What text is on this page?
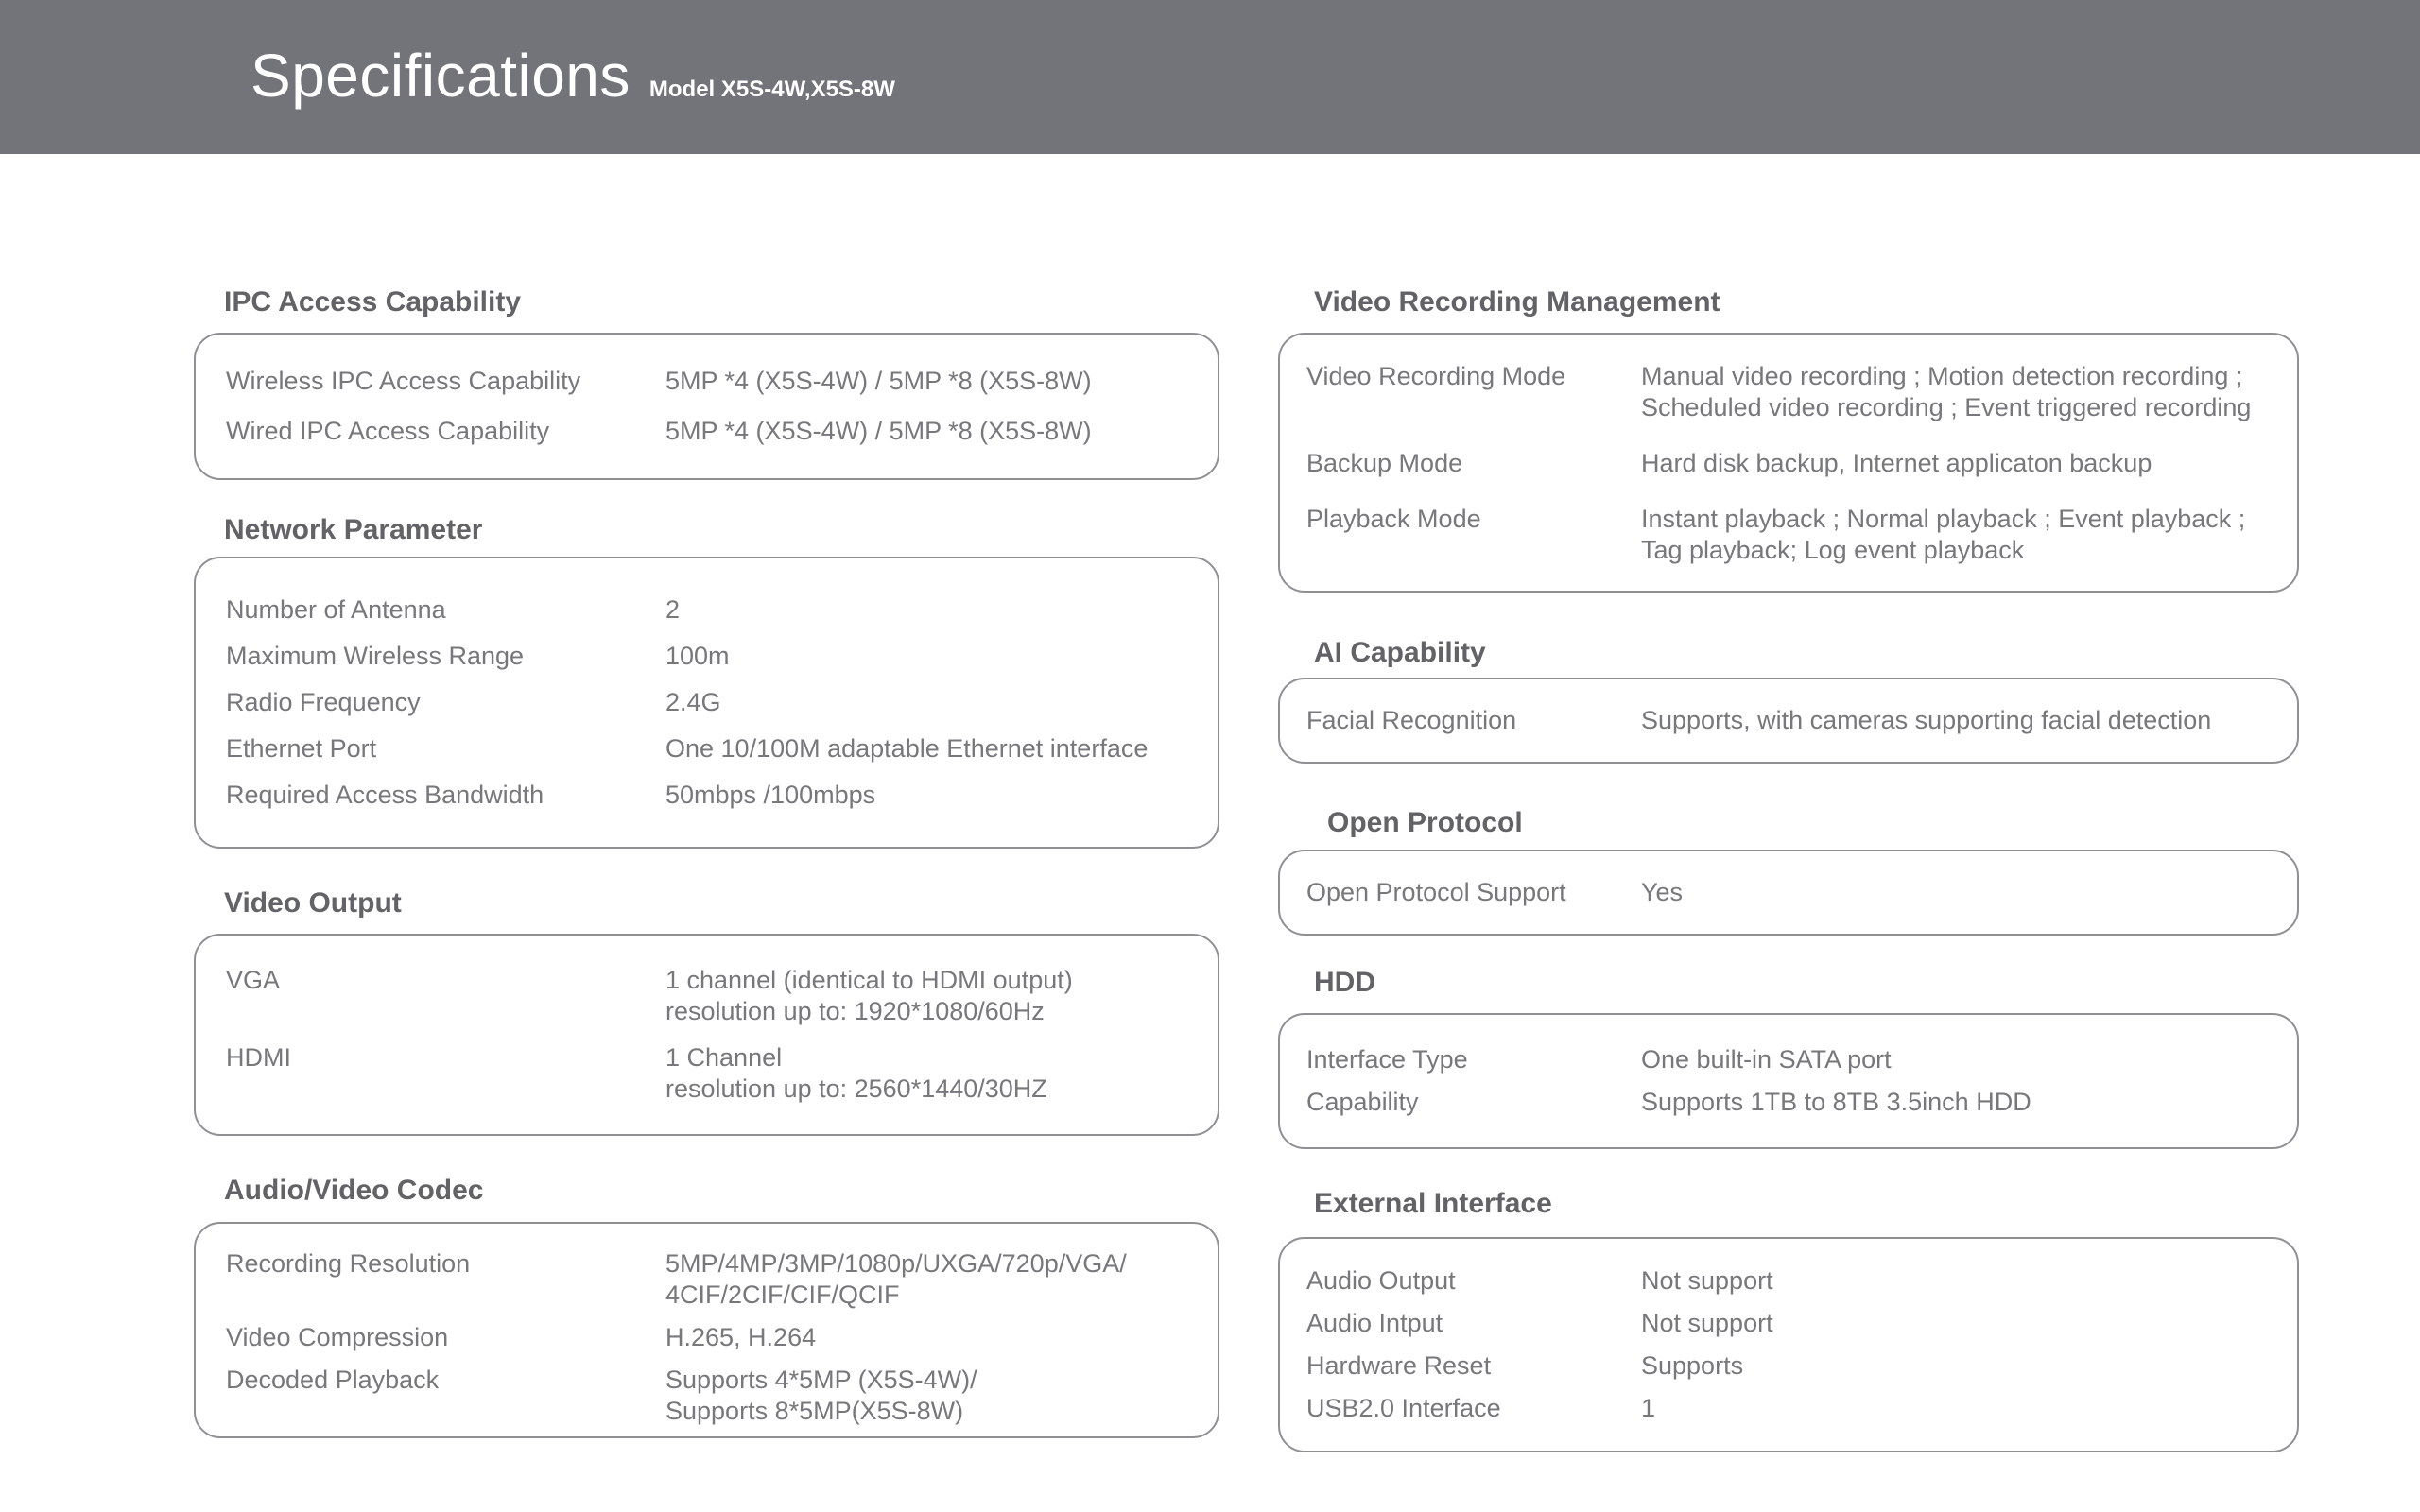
Specifications Model X5S-4W,X5S-8W
IPC Access Capability
Wireless IPC Access Capability	5MP *4 (X5S-4W) / 5MP *8 (X5S-8W)
Wired IPC Access Capability	5MP *4 (X5S-4W) / 5MP *8 (X5S-8W)
Network Parameter
Number of Antenna	2
Maximum Wireless Range	100m
Radio Frequency	2.4G
Ethernet Port	One 10/100M adaptable Ethernet interface
Required Access Bandwidth	50mbps /100mbps
Video Output
VGA	1 channel (identical to HDMI output)
resolution up to: 1920*1080/60Hz
HDMI	1 Channel
resolution up to: 2560*1440/30HZ
Audio/Video Codec
Recording Resolution	5MP/4MP/3MP/1080p/UXGA/720p/VGA/
4CIF/2CIF/CIF/QCIF
Video Compression	H.265, H.264
Decoded Playback	Supports 4*5MP (X5S-4W)/
Supports 8*5MP(X5S-8W)
Video Recording Management
Video Recording Mode	Manual video recording ; Motion detection recording ;
Scheduled video recording ; Event triggered recording
Backup Mode	Hard disk backup, Internet applicaton backup
Playback Mode	Instant playback ; Normal playback ; Event playback ;
Tag playback; Log event playback
AI Capability
Facial Recognition	Supports, with cameras supporting facial detection
Open Protocol
Open Protocol Support	Yes
HDD
Interface Type	One built-in SATA port
Capability	Supports 1TB to 8TB 3.5inch HDD
External Interface
Audio Output	Not support
Audio Intput	Not support
Hardware Reset	Supports
USB2.0 Interface	1
